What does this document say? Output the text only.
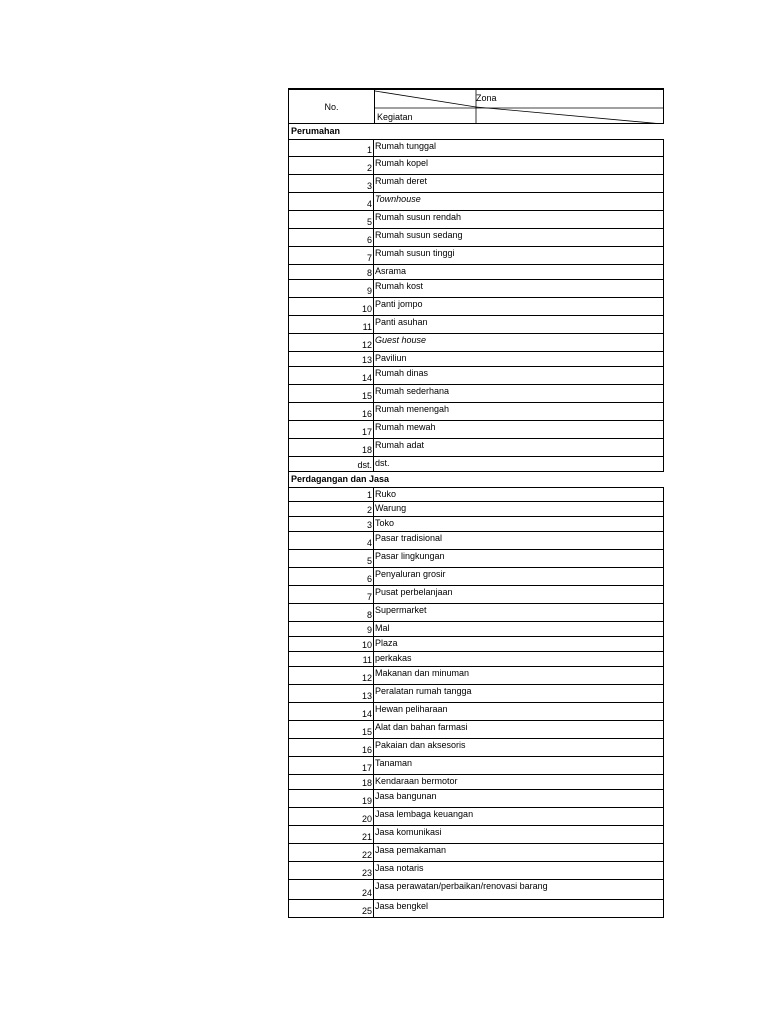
No.
Zona
Kegiatan
Perumahan
1 Rumah tunggal
2 Rumah kopel
3 Rumah deret
4 Townhouse
5 Rumah susun rendah
6 Rumah susun sedang
7 Rumah susun tinggi
8 Asrama
9 Rumah kost
10 Panti jompo
11 Panti asuhan
12 Guest house
13 Paviliun
14 Rumah dinas
15 Rumah sederhana
16 Rumah menengah
17 Rumah mewah
18 Rumah adat
dst. dst.
Perdagangan dan Jasa
1 Ruko
2 Warung
3 Toko
4 Pasar tradisional
5 Pasar lingkungan
6 Penyaluran grosir
7 Pusat perbelanjaan
8 Supermarket
9 Mal
10 Plaza
11 perkakas
12 Makanan dan minuman
13 Peralatan rumah tangga
14 Hewan peliharaan
15 Alat dan bahan farmasi
16 Pakaian dan aksesoris
17 Tanaman
18 Kendaraan bermotor
19 Jasa bangunan
20 Jasa lembaga keuangan
21 Jasa komunikasi
22 Jasa pemakaman
23 Jasa notaris
24
Jasa perawatan/perbaikan/renovasi barang
25 Jasa bengkel
